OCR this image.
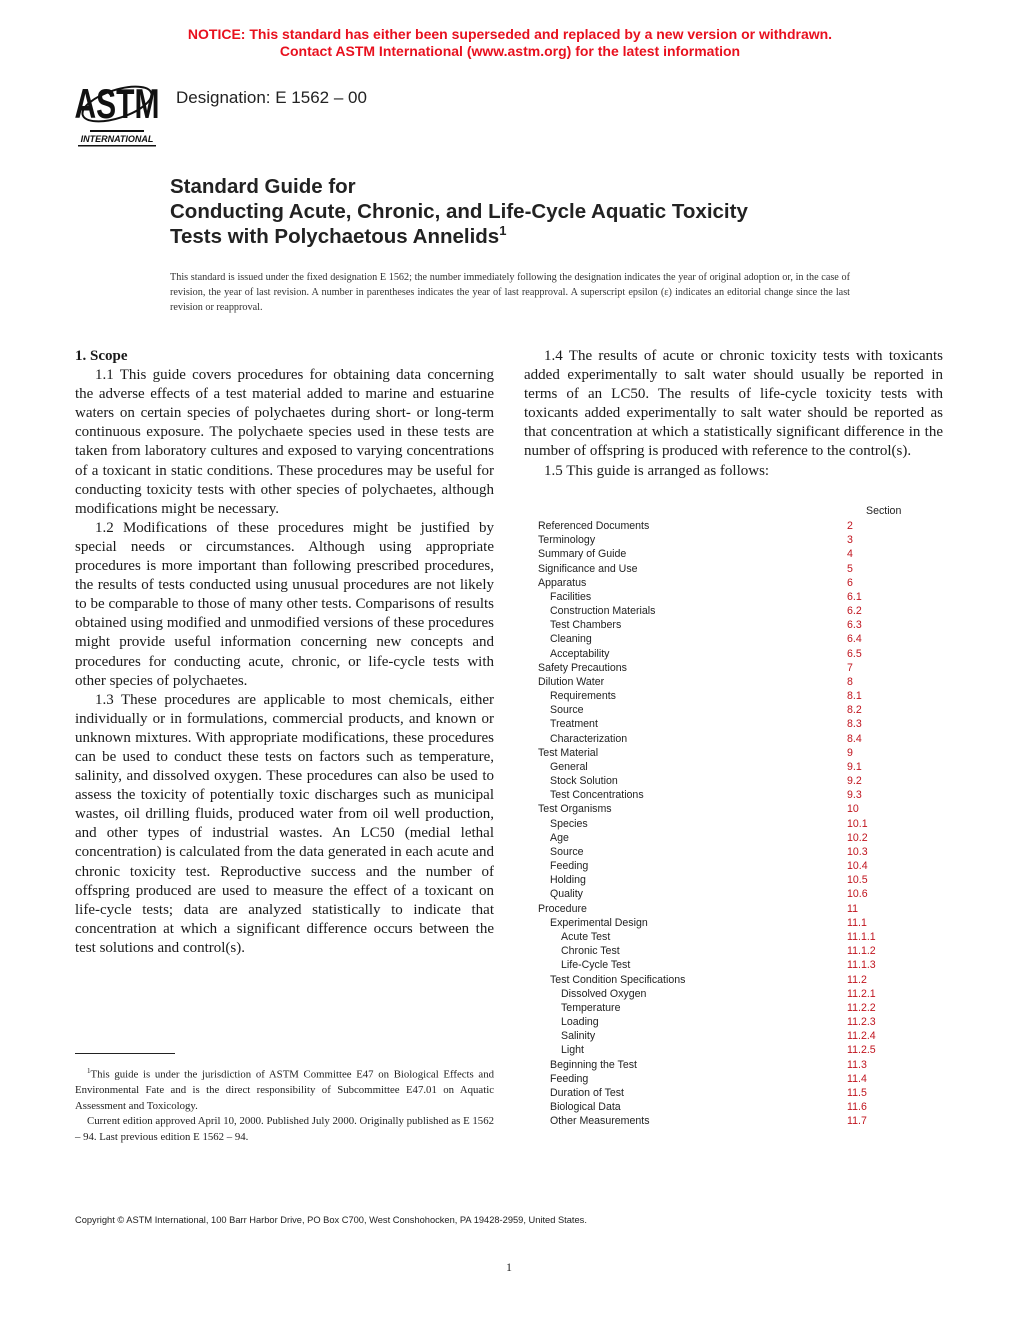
NOTICE: This standard has either been superseded and replaced by a new version or withdrawn.
Contact ASTM International (www.astm.org) for the latest information
ASTM
INTERNATIONAL
Designation: E 1562 – 00
Standard Guide for
Conducting Acute, Chronic, and Life-Cycle Aquatic Toxicity
Tests with Polychaetous Annelids$^1$
This standard is issued under the fixed designation E 1562; the number immediately following the designation indicates the year of original adoption or, in the case of revision, the year of last revision. A number in parentheses indicates the year of last reapproval. A superscript epsilon (ε) indicates an editorial change since the last revision or reapproval.
1. Scope

1.1 This guide covers procedures for obtaining data concerning the adverse effects of a test material added to marine and estuarine waters on certain species of polychaetes during short- or long-term continuous exposure. The polychaete species used in these tests are taken from laboratory cultures and exposed to varying concentrations of a toxicant in static conditions. These procedures may be useful for conducting toxicity tests with other species of polychaetes, although modifications might be necessary.

1.2 Modifications of these procedures might be justified by special needs or circumstances. Although using appropriate procedures is more important than following prescribed procedures, the results of tests conducted using unusual procedures are not likely to be comparable to those of many other tests. Comparisons of results obtained using modified and unmodified versions of these procedures might provide useful information concerning new concepts and procedures for conducting acute, chronic, or life-cycle tests with other species of polychaetes.

1.3 These procedures are applicable to most chemicals, either individually or in formulations, commercial products, and known or unknown mixtures. With appropriate modifications, these procedures can be used to conduct these tests on factors such as temperature, salinity, and dissolved oxygen. These procedures can also be used to assess the toxicity of potentially toxic discharges such as municipal wastes, oil drilling fluids, produced water from oil well production, and other types of industrial wastes. An LC50 (medial lethal concentration) is calculated from the data generated in each acute and chronic toxicity test. Reproductive success and the number of offspring produced are used to measure the effect of a toxicant on life-cycle tests; data are analyzed statistically to indicate that concentration at which a significant difference occurs between the test solutions and control(s).

1.4 The results of acute or chronic toxicity tests with toxicants added experimentally to salt water should usually be reported in terms of an LC50. The results of life-cycle toxicity tests with toxicants added experimentally to salt water should be reported as that concentration at which a statistically significant difference in the number of offspring is produced with reference to the control(s).

1.5 This guide is arranged as follows:

Section
Referenced Documents	2
Terminology	3
Summary of Guide	4
Significance and Use	5
Apparatus	6
Facilities	6.1
Construction Materials	6.2
Test Chambers	6.3
Cleaning	6.4
Acceptability	6.5
Safety Precautions	7
Dilution Water	8
Requirements	8.1
Source	8.2
Treatment	8.3
Characterization	8.4
Test Material	9
General	9.1
Stock Solution	9.2
Test Concentrations	9.3
Test Organisms	10
Species	10.1
Age	10.2
Source	10.3
Feeding	10.4
Holding	10.5
Quality	10.6
Procedure	11
Experimental Design	11.1
Acute Test	11.1.1
Chronic Test	11.1.2
Life-Cycle Test	11.1.3
Test Condition Specifications	11.2
Dissolved Oxygen	11.2.1
Temperature	11.2.2
Loading	11.2.3
Salinity	11.2.4
Light	11.2.5
Beginning the Test	11.3
Feeding	11.4
Duration of Test	11.5
Biological Data	11.6
Other Measurements	11.7

$^1$This guide is under the jurisdiction of ASTM Committee E47 on Biological Effects and Environmental Fate and is the direct responsibility of Subcommittee E47.01 on Aquatic Assessment and Toxicology.

Current edition approved April 10, 2000. Published July 2000. Originally published as E 1562 – 94. Last previous edition E 1562 – 94.

Copyright © ASTM International, 100 Barr Harbor Drive, PO Box C700, West Conshohocken, PA 19428-2959, United States.
1
